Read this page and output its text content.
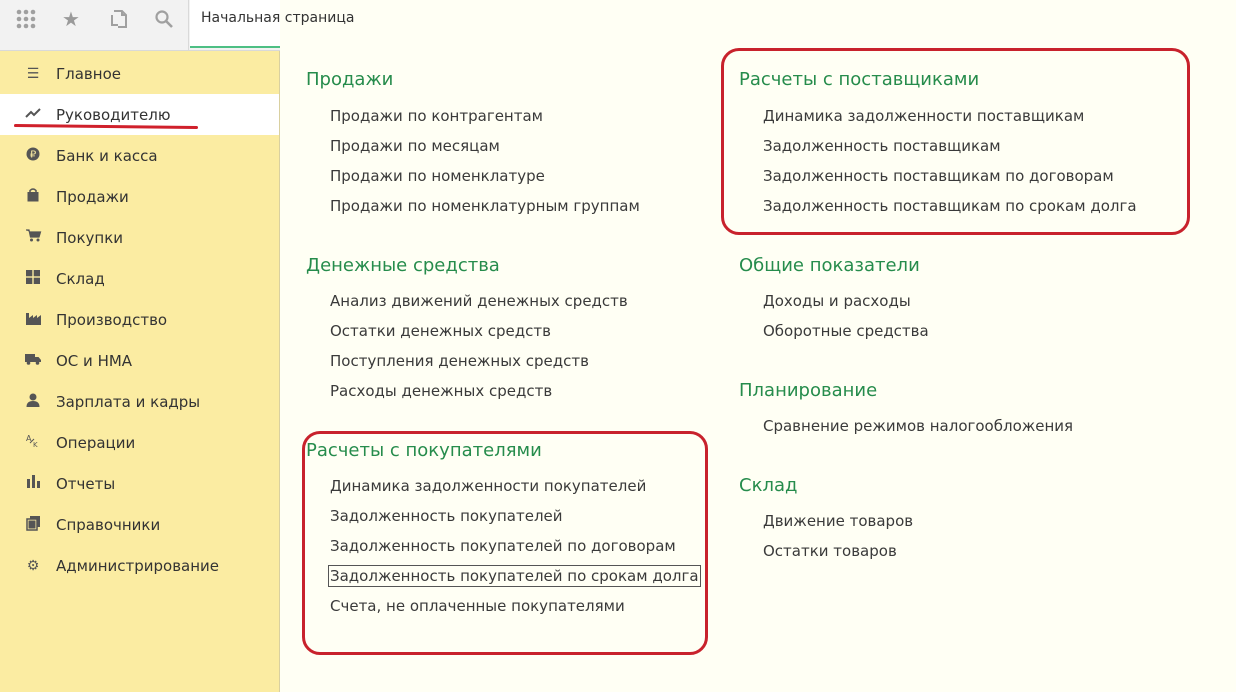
★	Начальная страница
☰	Главное
Руководителю
₽ Банк и касса
Продажи
Покупки
Склад
Производство
ОС и НМА
Зарплата и кадры
A
K Операции
Отчеты
Справочники
⚙	Администрирование
Продажи
Продажи по контрагентам
Продажи по месяцам
Продажи по номенклатуре
Продажи по номенклатурным группам
Денежные средства
Анализ движений денежных средств
Остатки денежных средств
Поступления денежных средств
Расходы денежных средств
Расчеты с покупателями
Динамика задолженности покупателей
Задолженность покупателей
Задолженность покупателей по договорам
Задолженность покупателей по срокам долга
Счета, не оплаченные покупателями
Расчеты с поставщиками
Динамика задолженности поставщикам
Задолженность поставщикам
Задолженность поставщикам по договорам
Задолженность поставщикам по срокам долга
Общие показатели
Доходы и расходы
Оборотные средства
Планирование
Сравнение режимов налогообложения
Склад
Движение товаров
Остатки товаров
